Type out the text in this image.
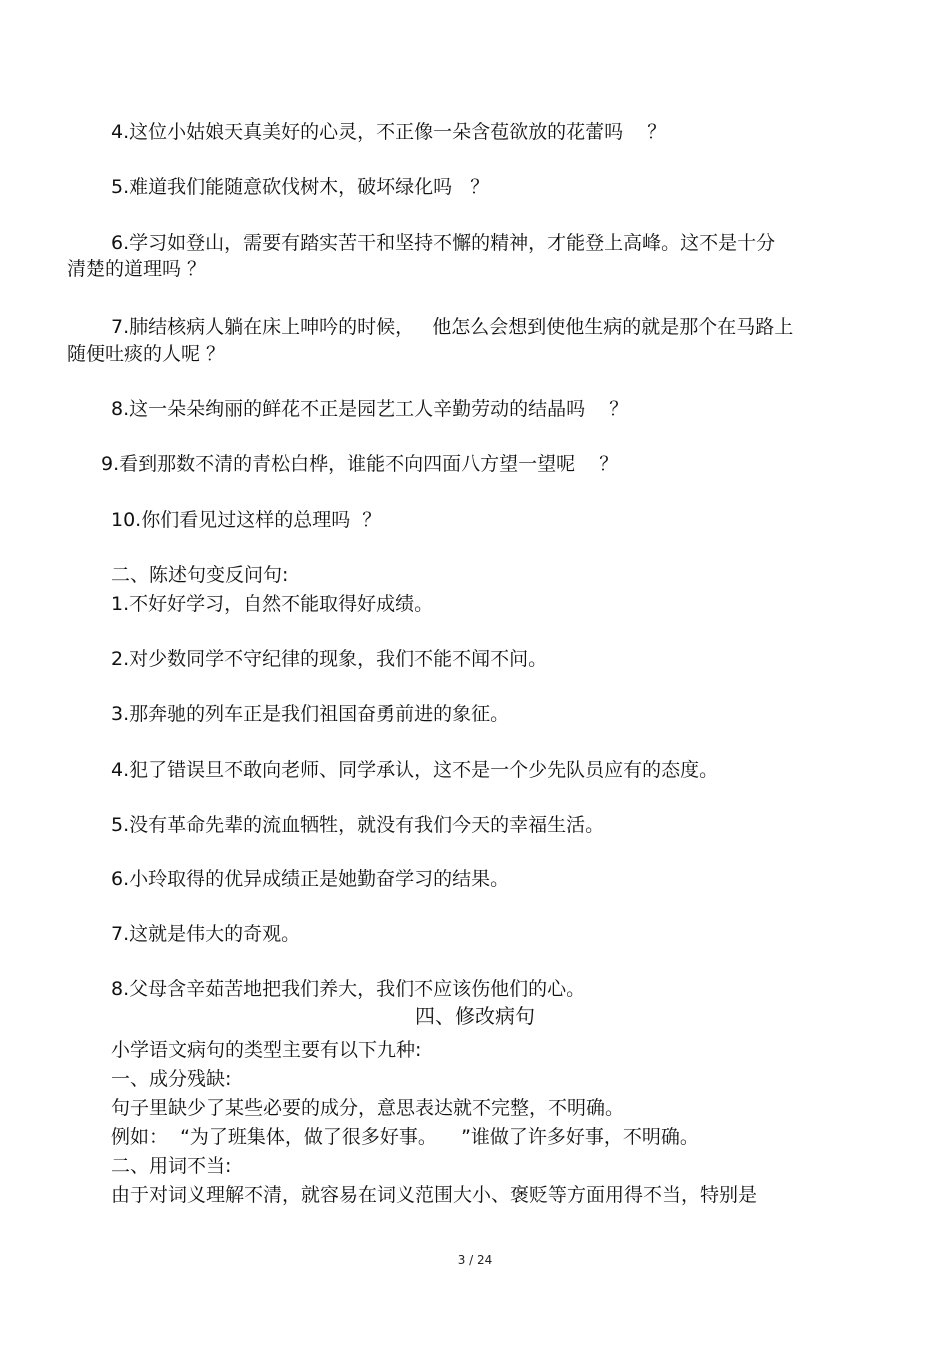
4.这位小姑娘天真美好的心灵，不正像一朵含苞欲放的花蕾吗    ？
5.难道我们能随意砍伐树木，破坏绿化吗   ？
6.学习如登山，需要有踏实苦干和坚持不懈的精神，才能登上高峰。这不是十分
清楚的道理吗 ？
7.肺结核病人躺在床上呻吟的时候，   他怎么会想到使他生病的就是那个在马路上
随便吐痰的人呢 ？
8.这一朵朵绚丽的鲜花不正是园艺工人辛勤劳动的结晶吗    ？
9.看到那数不清的青松白桦，谁能不向四面八方望一望呢    ？
10.你们看见过这样的总理吗  ？
二、陈述句变反问句:
1.不好好学习，自然不能取得好成绩。
2.对少数同学不守纪律的现象，我们不能不闻不问。
3.那奔驰的列车正是我们祖国奋勇前进的象征。
4.犯了错误旦不敢向老师、同学承认，这不是一个少先队员应有的态度。
5.没有革命先辈的流血牺牲，就没有我们今天的幸福生活。
6.小玲取得的优异成绩正是她勤奋学习的结果。
7.这就是伟大的奇观。
8.父母含辛茹苦地把我们养大，我们不应该伤他们的心。
四、修改病句
小学语文病句的类型主要有以下九种:
一、成分残缺:
句子里缺少了某些必要的成分，意思表达就不完整，不明确。
例如：  “为了班集体，做了很多好事。    ”谁做了许多好事，不明确。
二、用词不当:
由于对词义理解不清，就容易在词义范围大小、褒贬等方面用得不当，特别是
3 / 24
